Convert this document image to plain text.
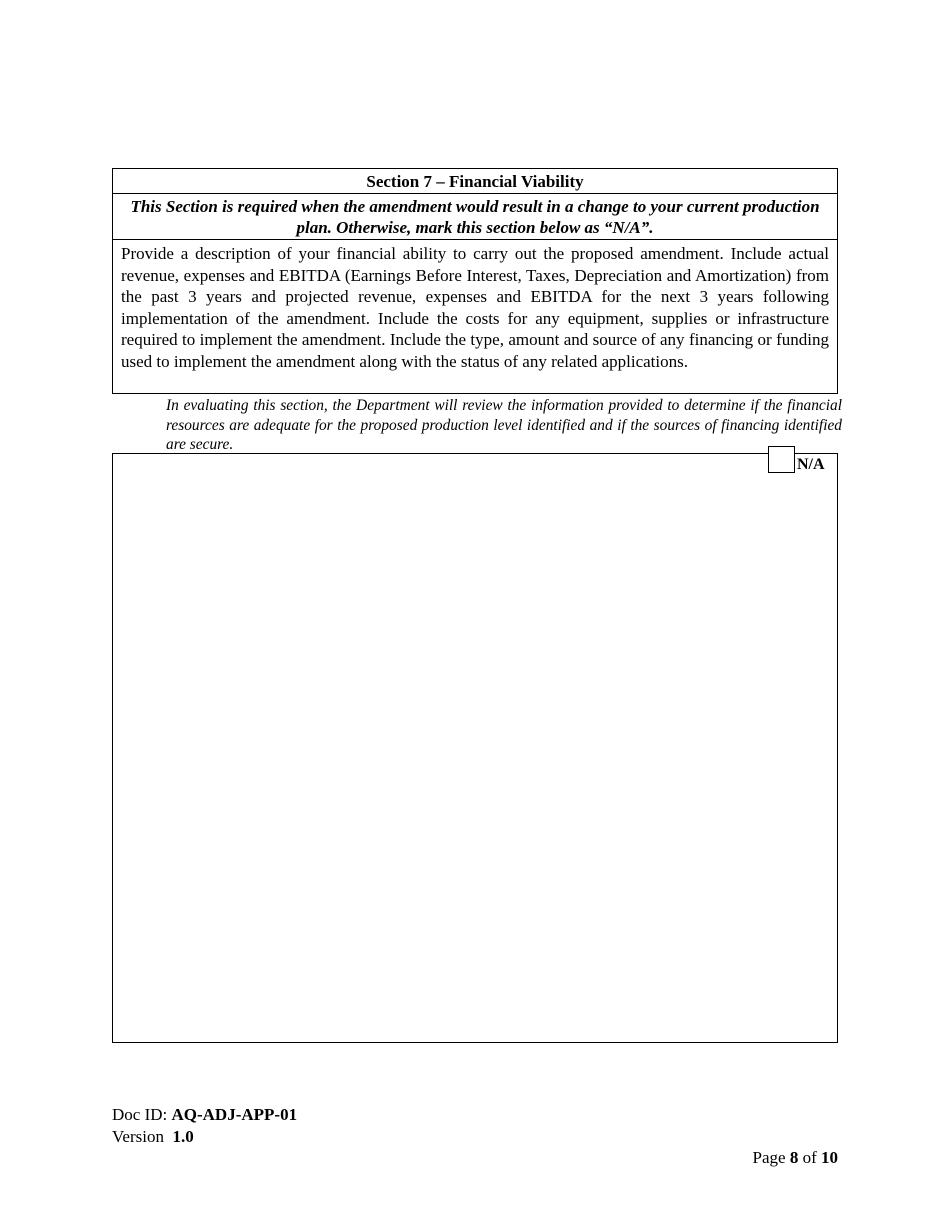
Section 7 – Financial Viability
This Section is required when the amendment would result in a change to your current production plan. Otherwise, mark this section below as “N/A”.
Provide a description of your financial ability to carry out the proposed amendment. Include actual revenue, expenses and EBITDA (Earnings Before Interest, Taxes, Depreciation and Amortization) from the past 3 years and projected revenue, expenses and EBITDA for the next 3 years following implementation of the amendment. Include the costs for any equipment, supplies or infrastructure required to implement the amendment. Include the type, amount and source of any financing or funding used to implement the amendment along with the status of any related applications.
In evaluating this section, the Department will review the information provided to determine if the financial resources are adequate for the proposed production level identified and if the sources of financing identified are secure.
N/A
Doc ID: AQ-ADJ-APP-01
Version  1.0
Page 8 of 10
